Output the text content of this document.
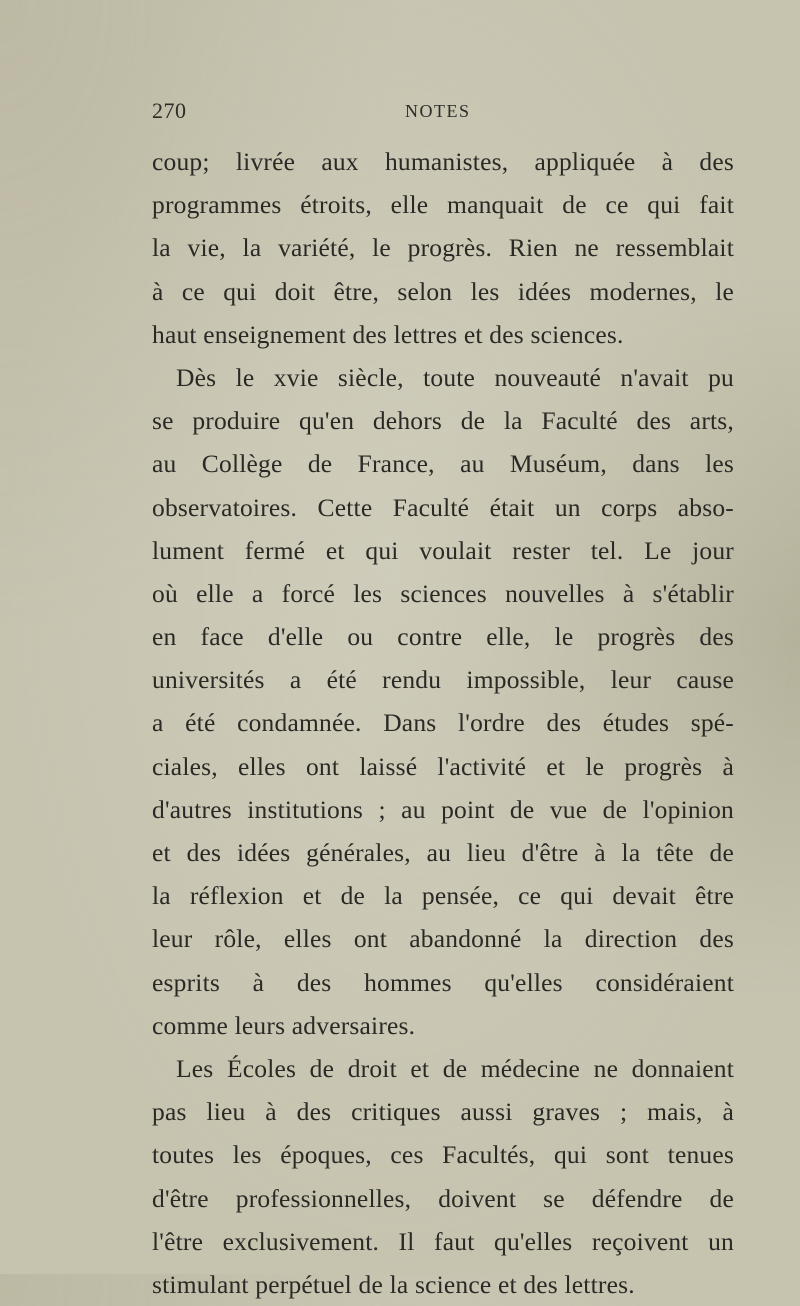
270	NOTES
coup; livrée aux humanistes, appliquée à des
programmes étroits, elle manquait de ce qui fait
la vie, la variété, le progrès. Rien ne ressemblait
à ce qui doit être, selon les idées modernes, le
haut enseignement des lettres et des sciences.
Dès le xvie siècle, toute nouveauté n'avait pu
se produire qu'en dehors de la Faculté des arts,
au Collège de France, au Muséum, dans les
observatoires. Cette Faculté était un corps abso-
lument fermé et qui voulait rester tel. Le jour
où elle a forcé les sciences nouvelles à s'établir
en face d'elle ou contre elle, le progrès des
universités a été rendu impossible, leur cause
a été condamnée. Dans l'ordre des études spé-
ciales, elles ont laissé l'activité et le progrès à
d'autres institutions ; au point de vue de l'opinion
et des idées générales, au lieu d'être à la tête de
la réflexion et de la pensée, ce qui devait être
leur rôle, elles ont abandonné la direction des
esprits à des hommes qu'elles considéraient
comme leurs adversaires.
Les Écoles de droit et de médecine ne donnaient
pas lieu à des critiques aussi graves ; mais, à
toutes les époques, ces Facultés, qui sont tenues
d'être professionnelles, doivent se défendre de
l'être exclusivement. Il faut qu'elles reçoivent un
stimulant perpétuel de la science et des lettres.
